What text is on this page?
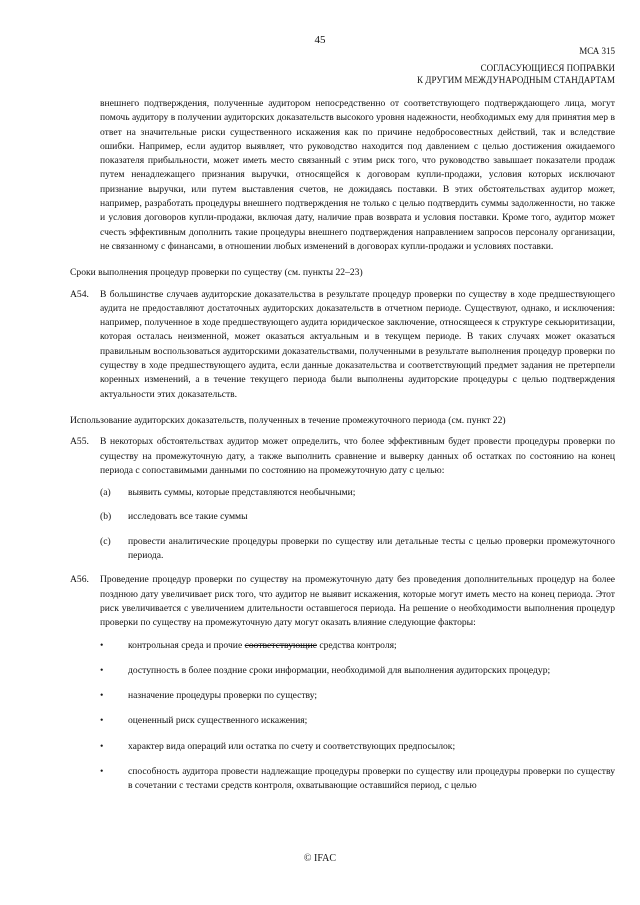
45
МСА 315
СОГЛАСУЮЩИЕСЯ ПОПРАВКИ
К ДРУГИМ МЕЖДУНАРОДНЫМ СТАНДАРТАМ

внешнего подтверждения, полученные аудитором непосредственно от соответствующего подтверждающего лица, могут помочь аудитору в получении аудиторских доказательств высокого уровня надежности, необходимых ему для принятия мер в ответ на значительные риски существенного искажения как по причине недобросовестных действий, так и вследствие ошибки. Например, если аудитор выявляет, что руководство находится под давлением с целью достижения ожидаемого показателя прибыльности, может иметь место связанный с этим риск того, что руководство завышает показатели продаж путем ненадлежащего признания выручки, относящейся к договорам купли-продажи, условия которых исключают признание выручки, или путем выставления счетов, не дожидаясь поставки. В этих обстоятельствах аудитор может, например, разработать процедуры внешнего подтверждения не только с целью подтвердить суммы задолженности, но также и условия договоров купли-продажи, включая дату, наличие прав возврата и условия поставки. Кроме того, аудитор может счесть эффективным дополнить такие процедуры внешнего подтверждения направлением запросов персоналу организации, не связанному с финансами, в отношении любых изменений в договорах купли-продажи и условиях поставки.

Сроки выполнения процедур проверки по существу (см. пункты 22–23)

A54. В большинстве случаев аудиторские доказательства в результате процедур проверки по существу в ходе предшествующего аудита не предоставляют достаточных аудиторских доказательств в отчетном периоде. Существуют, однако, и исключения: например, полученное в ходе предшествующего аудита юридическое заключение, относящееся к структуре секьюритизации, которая осталась неизменной, может оказаться актуальным и в текущем периоде. В таких случаях может оказаться правильным воспользоваться аудиторскими доказательствами, полученными в результате выполнения процедур проверки по существу в ходе предшествующего аудита, если данные доказательства и соответствующий предмет задания не претерпели коренных изменений, а в течение текущего периода были выполнены аудиторские процедуры с целью подтверждения актуальности этих доказательств.

Использование аудиторских доказательств, полученных в течение промежуточного периода (см. пункт 22)

A55. В некоторых обстоятельствах аудитор может определить, что более эффективным будет провести процедуры проверки по существу на промежуточную дату, а также выполнить сравнение и выверку данных об остатках по состоянию на конец периода с сопоставимыми данными по состоянию на промежуточную дату с целью:
(a) выявить суммы, которые представляются необычными;
(b) исследовать все такие суммы
(c) провести аналитические процедуры проверки по существу или детальные тесты с целью проверки промежуточного периода.
A56. Проведение процедур проверки по существу на промежуточную дату без проведения дополнительных процедур на более позднюю дату увеличивает риск того, что аудитор не выявит искажения, которые могут иметь место на конец периода. Этот риск увеличивается с увеличением длительности оставшегося периода. На решение о необходимости выполнения процедур проверки по существу на промежуточную дату могут оказать влияние следующие факторы:
•	контрольная среда и прочие соответствующие средства контроля;
•	доступность в более поздние сроки информации, необходимой для выполнения аудиторских процедур;
•	назначение процедуры проверки по существу;
•	оцененный риск существенного искажения;
•	характер вида операций или остатка по счету и соответствующих предпосылок;
•	способность аудитора провести надлежащие процедуры проверки по существу или процедуры проверки по существу в сочетании с тестами средств контроля, охватывающие оставшийся период, с целью
© IFAC
